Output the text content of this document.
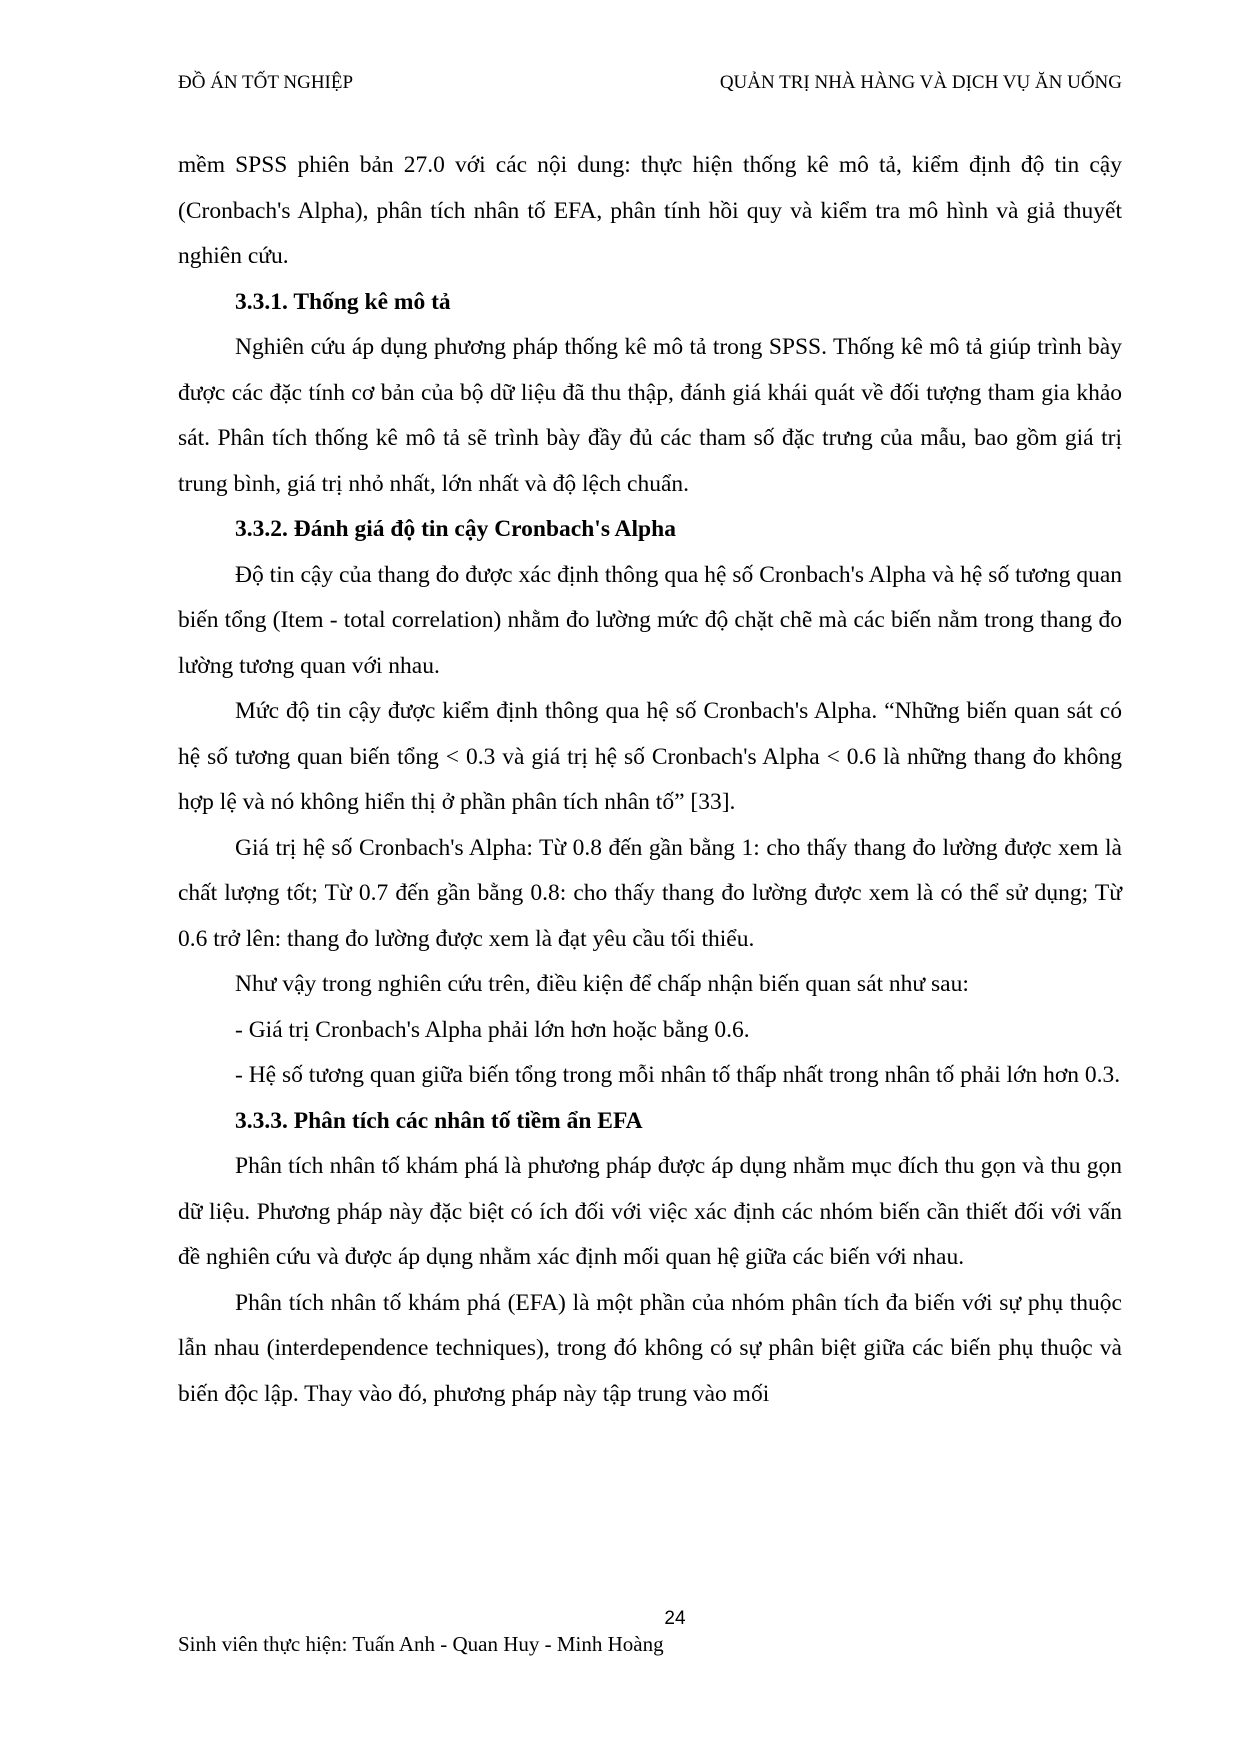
ĐỒ ÁN TỐT NGHIỆP	QUẢN TRỊ NHÀ HÀNG VÀ DỊCH VỤ ĂN UỐNG

mềm SPSS phiên bản 27.0 với các nội dung: thực hiện thống kê mô tả, kiểm định độ tin cậy (Cronbach's Alpha), phân tích nhân tố EFA, phân tính hồi quy và kiểm tra mô hình và giả thuyết nghiên cứu.

3.3.1. Thống kê mô tả

Nghiên cứu áp dụng phương pháp thống kê mô tả trong SPSS. Thống kê mô tả giúp trình bày được các đặc tính cơ bản của bộ dữ liệu đã thu thập, đánh giá khái quát về đối tượng tham gia khảo sát. Phân tích thống kê mô tả sẽ trình bày đầy đủ các tham số đặc trưng của mẫu, bao gồm giá trị trung bình, giá trị nhỏ nhất, lớn nhất và độ lệch chuẩn.

3.3.2. Đánh giá độ tin cậy Cronbach's Alpha

Độ tin cậy của thang đo được xác định thông qua hệ số Cronbach's Alpha và hệ số tương quan biến tổng (Item - total correlation) nhằm đo lường mức độ chặt chẽ mà các biến nằm trong thang đo lường tương quan với nhau.

Mức độ tin cậy được kiểm định thông qua hệ số Cronbach's Alpha. “Những biến quan sát có hệ số tương quan biến tổng < 0.3 và giá trị hệ số Cronbach's Alpha < 0.6 là những thang đo không hợp lệ và nó không hiển thị ở phần phân tích nhân tố” [33].

Giá trị hệ số Cronbach's Alpha: Từ 0.8 đến gần bằng 1: cho thấy thang đo lường được xem là chất lượng tốt; Từ 0.7 đến gần bằng 0.8: cho thấy thang đo lường được xem là có thể sử dụng; Từ 0.6 trở lên: thang đo lường được xem là đạt yêu cầu tối thiểu.

Như vậy trong nghiên cứu trên, điều kiện để chấp nhận biến quan sát như sau:

- Giá trị Cronbach's Alpha phải lớn hơn hoặc bằng 0.6.

- Hệ số tương quan giữa biến tổng trong mỗi nhân tố thấp nhất trong nhân tố phải lớn hơn 0.3.

3.3.3. Phân tích các nhân tố tiềm ẩn EFA

Phân tích nhân tố khám phá là phương pháp được áp dụng nhằm mục đích thu gọn và thu gọn dữ liệu. Phương pháp này đặc biệt có ích đối với việc xác định các nhóm biến cần thiết đối với vấn đề nghiên cứu và được áp dụng nhằm xác định mối quan hệ giữa các biến với nhau.

Phân tích nhân tố khám phá (EFA) là một phần của nhóm phân tích đa biến với sự phụ thuộc lẫn nhau (interdependence techniques), trong đó không có sự phân biệt giữa các biến phụ thuộc và biến độc lập. Thay vào đó, phương pháp này tập trung vào mối

24
Sinh viên thực hiện: Tuấn Anh - Quan Huy - Minh Hoàng
